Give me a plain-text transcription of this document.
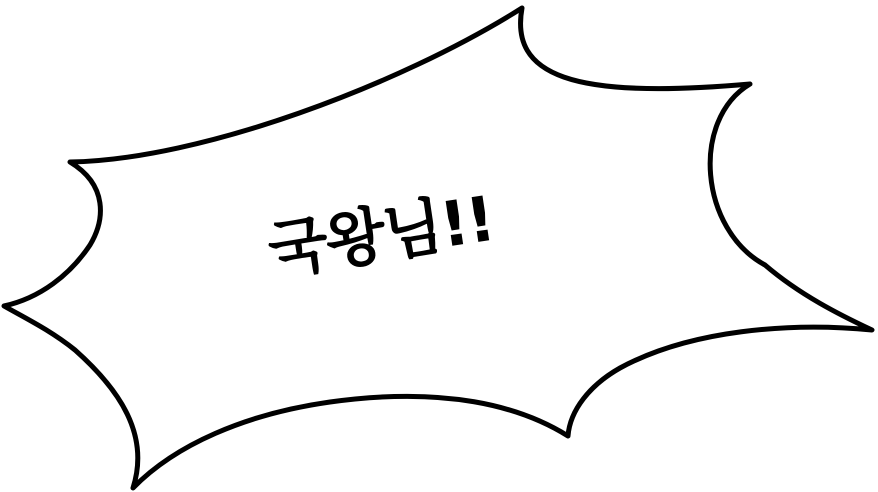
국왕님!!
